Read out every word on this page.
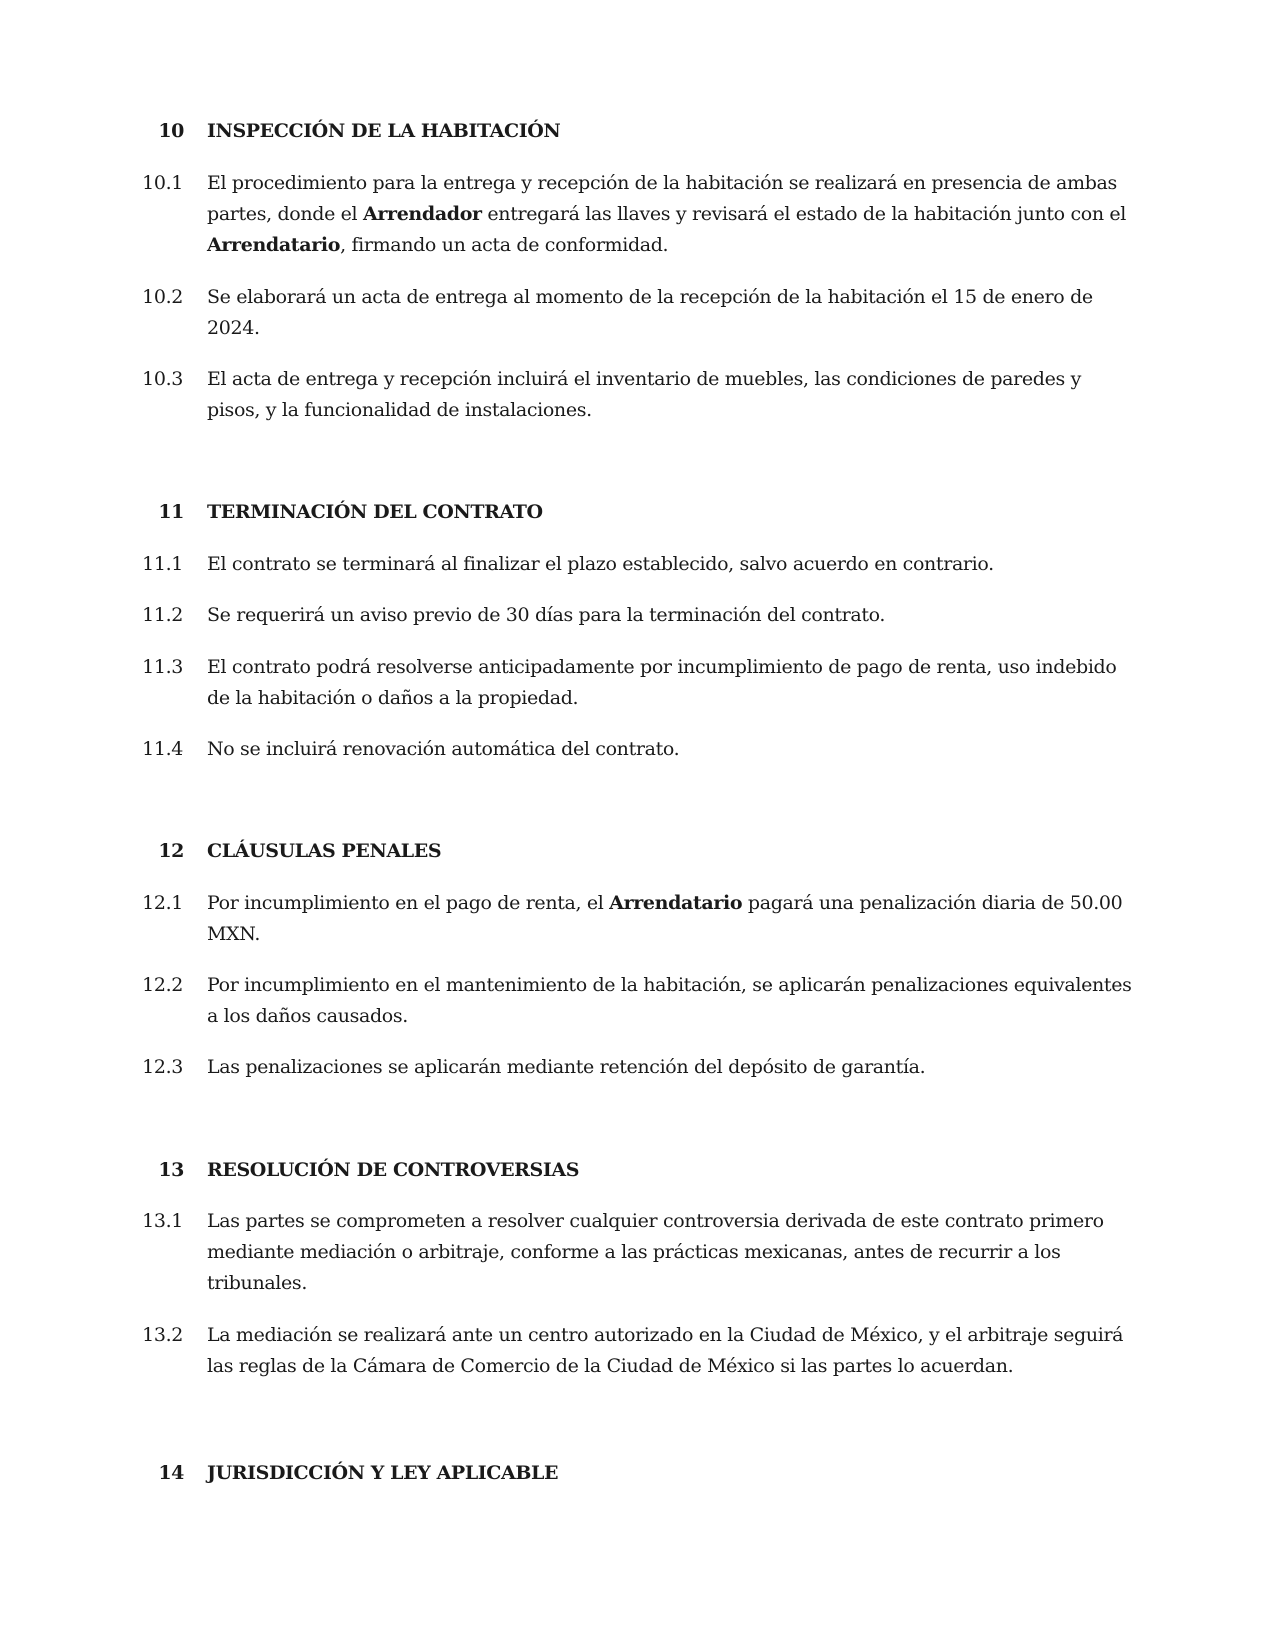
10 INSPECCIÓN DE LA HABITACIÓN
10.1 El procedimiento para la entrega y recepción de la habitación se realizará en presencia de ambas partes, donde el Arrendador entregará las llaves y revisará el estado de la habitación junto con el Arrendatario, firmando un acta de conformidad.

10.2 Se elaborará un acta de entrega al momento de la recepción de la habitación el 15 de enero de 2024.

10.3 El acta de entrega y recepción incluirá el inventario de muebles, las condiciones de paredes y pisos, y la funcionalidad de instalaciones.

11 TERMINACIÓN DEL CONTRATO
11.1 El contrato se terminará al finalizar el plazo establecido, salvo acuerdo en contrario.

11.2 Se requerirá un aviso previo de 30 días para la terminación del contrato.

11.3 El contrato podrá resolverse anticipadamente por incumplimiento de pago de renta, uso indebido de la habitación o daños a la propiedad.

11.4 No se incluirá renovación automática del contrato.

12 CLÁUSULAS PENALES
12.1 Por incumplimiento en el pago de renta, el Arrendatario pagará una penalización diaria de 50.00 MXN.

12.2 Por incumplimiento en el mantenimiento de la habitación, se aplicarán penalizaciones equivalentes a los daños causados.

12.3 Las penalizaciones se aplicarán mediante retención del depósito de garantía.

13 RESOLUCIÓN DE CONTROVERSIAS
13.1 Las partes se comprometen a resolver cualquier controversia derivada de este contrato primero mediante mediación o arbitraje, conforme a las prácticas mexicanas, antes de recurrir a los tribunales.

13.2 La mediación se realizará ante un centro autorizado en la Ciudad de México, y el arbitraje seguirá las reglas de la Cámara de Comercio de la Ciudad de México si las partes lo acuerdan.

14 JURISDICCIÓN Y LEY APLICABLE
